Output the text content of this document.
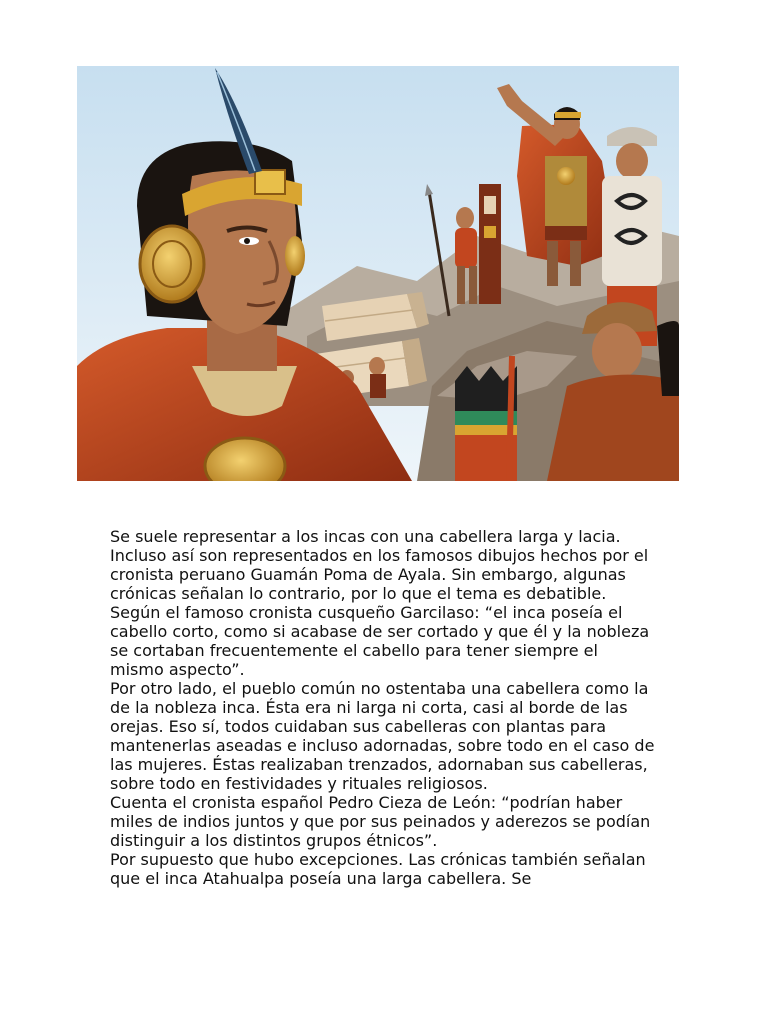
Se suele representar a los incas con una cabellera larga y lacia. Incluso así son representados en los famosos dibujos hechos por el cronista peruano Guamán Poma de Ayala. Sin embargo, algunas crónicas señalan lo contrario, por lo que el tema es debatible.

Según el famoso cronista cusqueño Garcilaso: “el inca poseía el cabello corto, como si acabase de ser cortado y que él y la nobleza se cortaban frecuentemente el cabello para tener siempre el mismo aspecto”.

Por otro lado, el pueblo común no ostentaba una cabellera como la de la nobleza inca. Ésta era ni larga ni corta, casi al borde de las orejas. Eso sí, todos cuidaban sus cabelleras con plantas para mantenerlas aseadas e incluso adornadas, sobre todo en el caso de las mujeres. Éstas realizaban trenzados, adornaban sus cabelleras, sobre todo en festividades y rituales religiosos.

Cuenta el cronista español Pedro Cieza de León: “podrían haber miles de indios juntos y que por sus peinados y aderezos se podían distinguir a los distintos grupos étnicos”.

Por supuesto que hubo excepciones. Las crónicas también señalan que el inca Atahualpa poseía una larga cabellera. Se
